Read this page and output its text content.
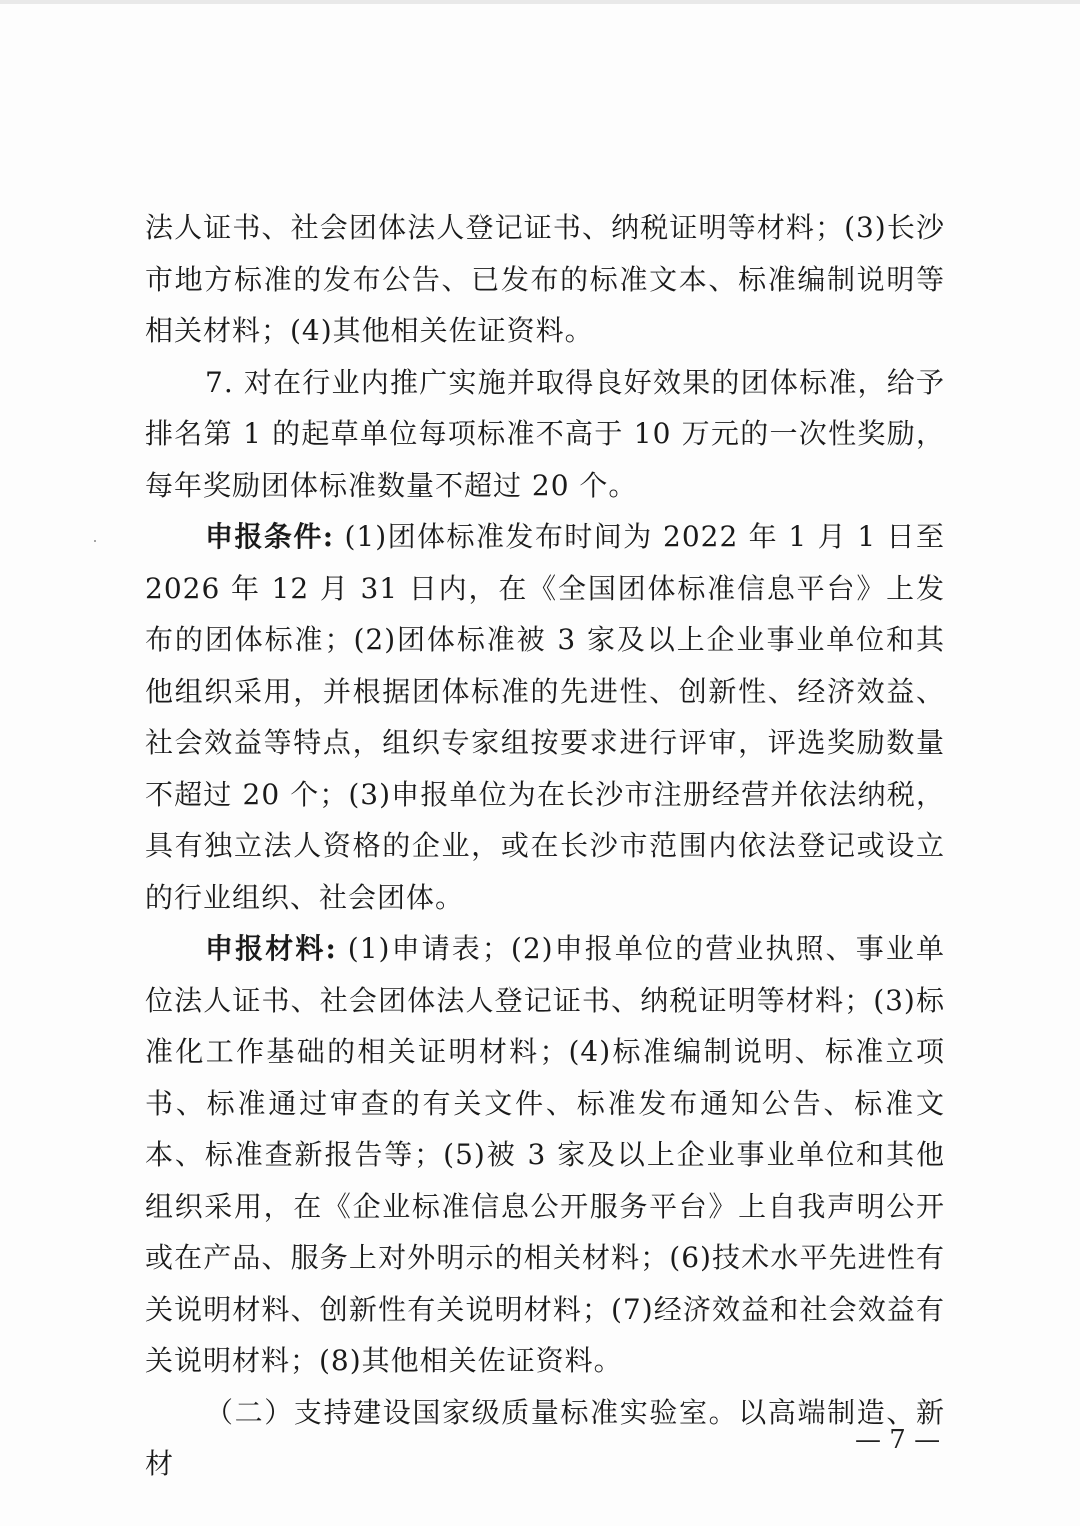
法人证书、社会团体法人登记证书、纳税证明等材料；(3)长沙市地方标准的发布公告、已发布的标准文本、标准编制说明等相关材料；(4)其他相关佐证资料。

7. 对在行业内推广实施并取得良好效果的团体标准，给予排名第 1 的起草单位每项标准不高于 10 万元的一次性奖励，每年奖励团体标准数量不超过 20 个。

申报条件: (1)团体标准发布时间为 2022 年 1 月 1 日至 2026 年 12 月 31 日内，在《全国团体标准信息平台》上发布的团体标准；(2)团体标准被 3 家及以上企业事业单位和其他组织采用，并根据团体标准的先进性、创新性、经济效益、社会效益等特点，组织专家组按要求进行评审，评选奖励数量不超过 20 个；(3)申报单位为在长沙市注册经营并依法纳税，具有独立法人资格的企业，或在长沙市范围内依法登记或设立的行业组织、社会团体。

申报材料: (1)申请表；(2)申报单位的营业执照、事业单位法人证书、社会团体法人登记证书、纳税证明等材料；(3)标准化工作基础的相关证明材料；(4)标准编制说明、标准立项书、标准通过审查的有关文件、标准发布通知公告、标准文本、标准查新报告等；(5)被 3 家及以上企业事业单位和其他组织采用，在《企业标准信息公开服务平台》上自我声明公开或在产品、服务上对外明示的相关材料；(6)技术水平先进性有关说明材料、创新性有关说明材料；(7)经济效益和社会效益有关说明材料；(8)其他相关佐证资料。

（二）支持建设国家级质量标准实验室。以高端制造、新材

— 7 —
